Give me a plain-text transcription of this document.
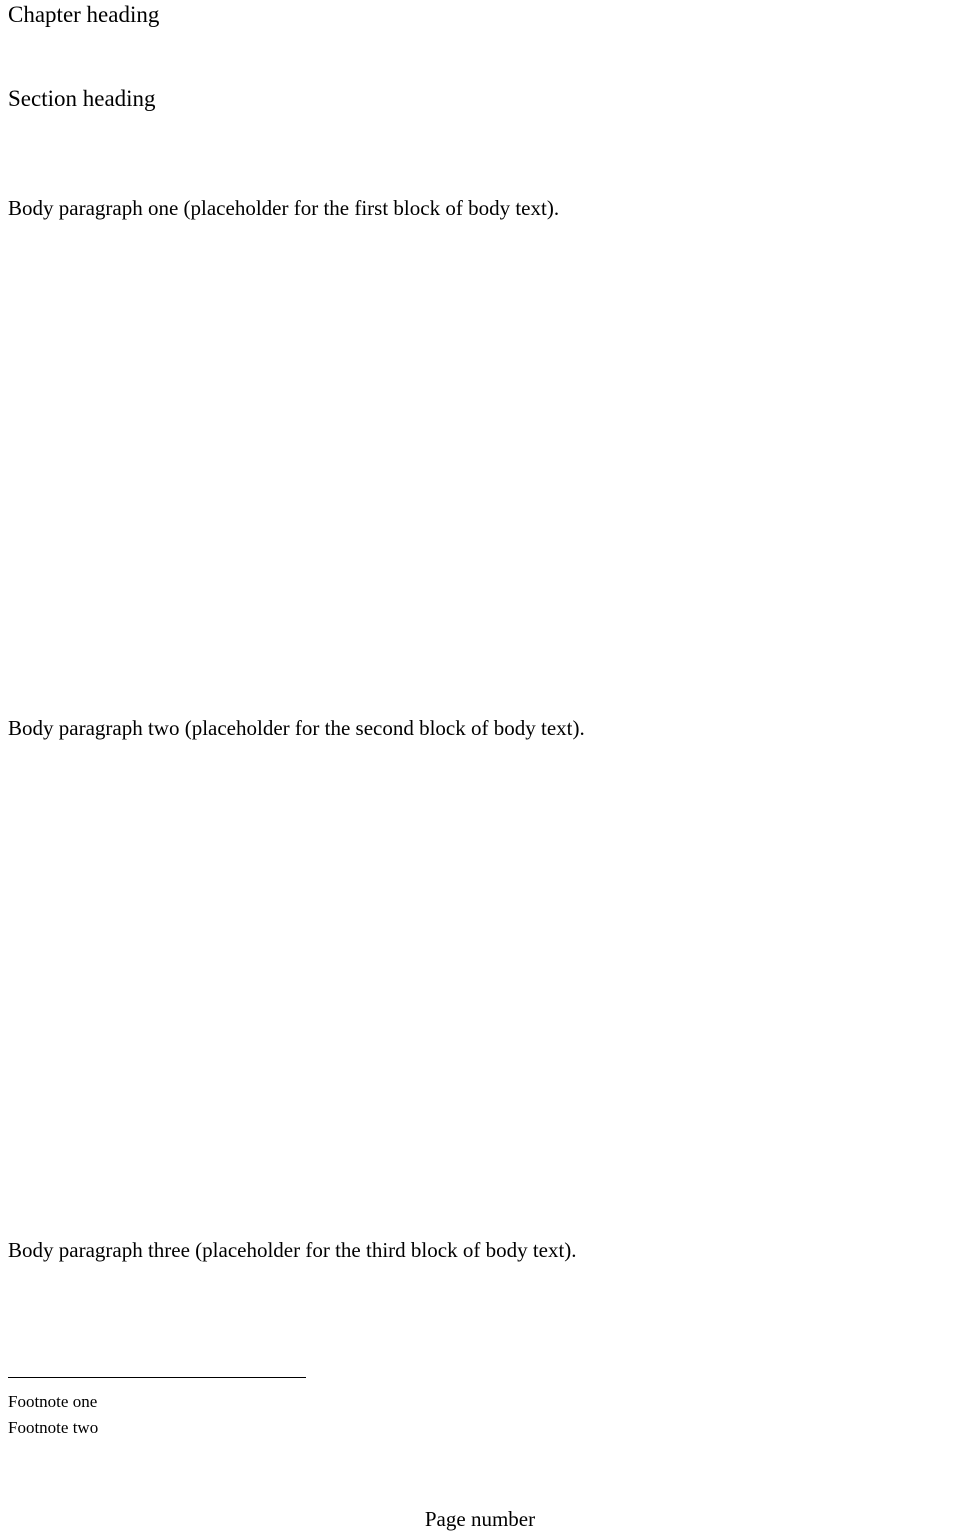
Chapter heading
Section heading

Body paragraph one (placeholder for the first block of body text).

Body paragraph two (placeholder for the second block of body text).

Body paragraph three (placeholder for the third block of body text).

Footnote one
Footnote two
Page number
